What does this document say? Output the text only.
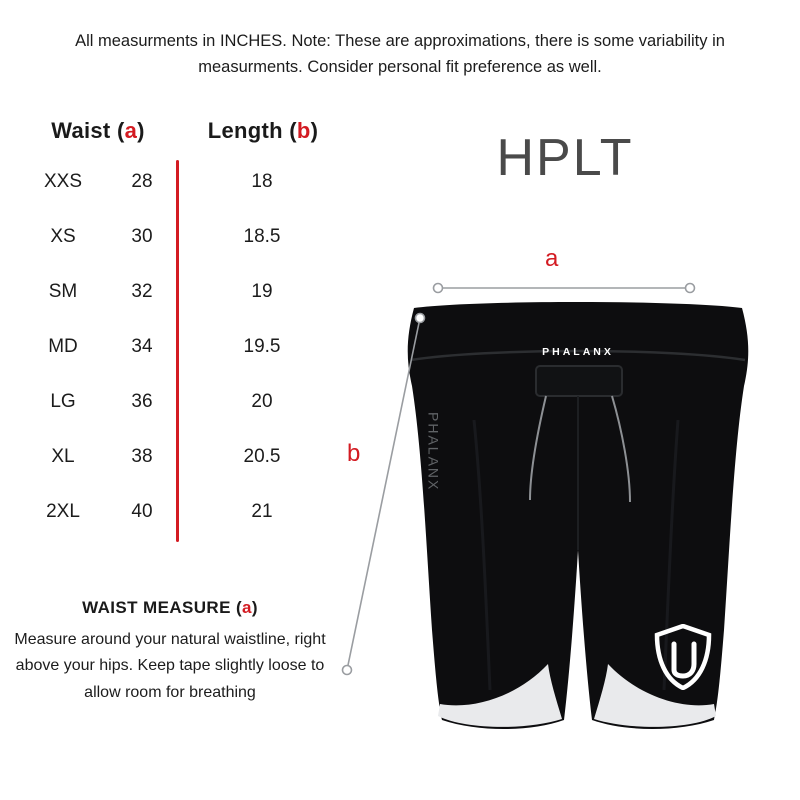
All measurments in INCHES. Note: These are approximations, there is some variability in measurments. Consider personal fit preference as well.
Waist (a)	Length (b)
XXS	28	18
XS	30	18.5
SM	32	19
MD	34	19.5
LG	36	20
XL	38	20.5
2XL	40	21
WAIST MEASURE (a)
Measure around your natural waistline, right above your hips. Keep tape slightly loose to allow room for breathing
HPLT
a
b
PHALANX
PHALANX
